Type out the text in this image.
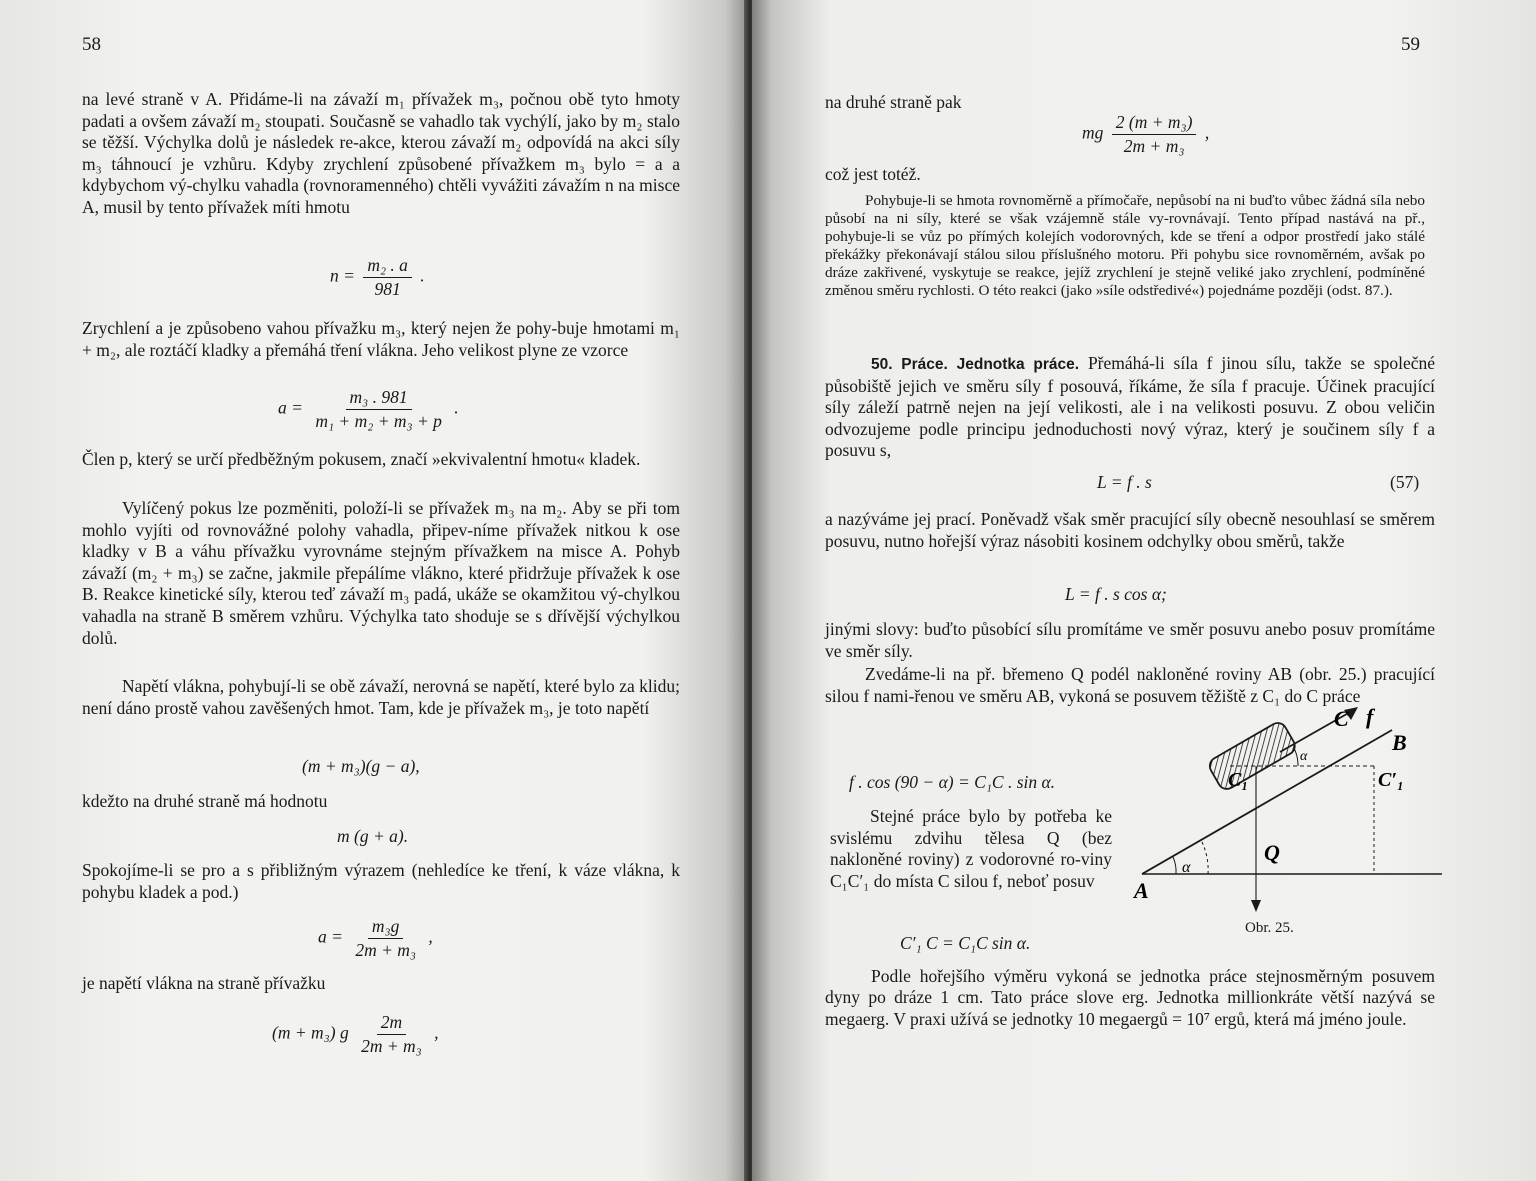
58
na levé straně v A. Přidáme-li na závaží m₁ přívažek m₃, počnou obě tyto hmoty padati a ovšem závaží m₂ stoupati. Současně se vahadlo tak vychýlí, jako by m₂ stalo se těžší. Výchylka dolů je následek re-akce, kterou závaží m₂ odpovídá na akci síly m₃ táhnoucí je vzhůru. Kdyby zrychlení způsobené přívažkem m₃ bylo = a a kdybychom vý-chylku vahadla (rovnoramenného) chtěli vyvážiti závažím n na misce A, musil by tento přívažek míti hmotu
$n = \frac{\text{m₂ . a}}{981}$ .
Zrychlení a je způsobeno vahou přívažku m₃, který nejen že pohy-buje hmotami m₁ + m₂, ale roztáčí kladky a přemáhá tření vlákna. Jeho velikost plyne ze vzorce
$a = \frac{\text{m₃ . 981}}{\text{m₁ + m₂ + m₃ + p}}$ .
Člen p, který se určí předběžným pokusem, značí »ekvivalentní hmotu« kladek.
Vylíčený pokus lze pozměniti, položí-li se přívažek m₃ na m₂. Aby se při tom mohlo vyjíti od rovnovážné polohy vahadla, připev-níme přívažek nitkou k ose kladky v B a váhu přívažku vyrovnáme stejným přívažkem na misce A. Pohyb závaží (m₂ + m₃) se začne, jakmile přepálíme vlákno, které přidržuje přívažek k ose B. Reakce kinetické síly, kterou teď závaží m₃ padá, ukáže se okamžitou vý-chylkou vahadla na straně B směrem vzhůru. Výchylka tato shoduje se s dřívější výchylkou dolů.
Napětí vlákna, pohybují-li se obě závaží, nerovná se napětí, které bylo za klidu; není dáno prostě vahou zavěšených hmot. Tam, kde je přívažek m₃, je toto napětí
(m + m₃)(g − a),
kdežto na druhé straně má hodnotu
m (g + a).
Spokojíme-li se pro a s přibližným výrazem (nehledíce ke tření, k váze vlákna, k pohybu kladek a pod.)
$a = \frac{\text{m₃g}}{\text{2m + m₃}}$ ,
je napětí vlákna na straně přívažku
(m + m₃) g $\frac{2m}{\text{2m + m₃}}$ ,
59
na druhé straně pak
mg $\frac{\text{2 (m + m₃)}}{\text{2m + m₃}}$ ,
což jest totéž.
Pohybuje-li se hmota rovnoměrně a přímočaře, nepůsobí na ni buďto vůbec žádná síla nebo působí na ni síly, které se však vzájemně stále vy-rovnávají. Tento případ nastává na př., pohybuje-li se vůz po přímých kolejích vodorovných, kde se tření a odpor prostředí jako stálé překážky překonávají stálou silou příslušného motoru. Při pohybu sice rovnoměrném, avšak po dráze zakřivené, vyskytuje se reakce, jejíž zrychlení je stejně veliké jako zrychlení, podmíněné změnou směru rychlosti. O této reakci (jako »síle odstředivé«) pojednáme později (odst. 87.).
50. Práce. Jednotka práce. Přemáhá-li síla f jinou sílu, takže se společné působiště jejich ve směru síly f posouvá, říkáme, že síla f pracuje. Účinek pracující síly záleží patrně nejen na její velikosti, ale i na velikosti posuvu. Z obou veličin odvozujeme podle principu jednoduchosti nový výraz, který je součinem síly f a posuvu s,
L = f . s	(57)
a nazýváme jej prací. Poněvadž však směr pracující síly obecně nesouhlasí se směrem posuvu, nutno hořejší výraz násobiti kosinem odchylky obou směrů, takže
L = f . s cos α;
jinými slovy: buďto působící sílu promítáme ve směr posuvu anebo posuv promítáme ve směr síly.
Zvedáme-li na př. břemeno Q podél nakloněné roviny AB (obr. 25.) pracující silou f nami-řenou ve směru AB, vykoná se posuvem těžiště z C₁ do C práce
f . cos (90 − α) = C₁C . sin α.
Stejné práce bylo by potřeba ke svislému zdvihu tělesa Q (bez nakloněné roviny) z vodorovné ro-viny C₁C′₁ do místa C silou f, neboť posuv
C′₁ C = C₁C sin α.
A
B
f
C₁
C
C′₁
Q
α
α
Obr. 25.
Podle hořejšího výměru vykoná se jednotka práce stejnosměrným posuvem dyny po dráze 1 cm. Tato práce slove erg. Jednotka millionkráte větší nazývá se megaerg. V praxi užívá se jednotky 10 megaergů = 10⁷ ergů, která má jméno joule.
